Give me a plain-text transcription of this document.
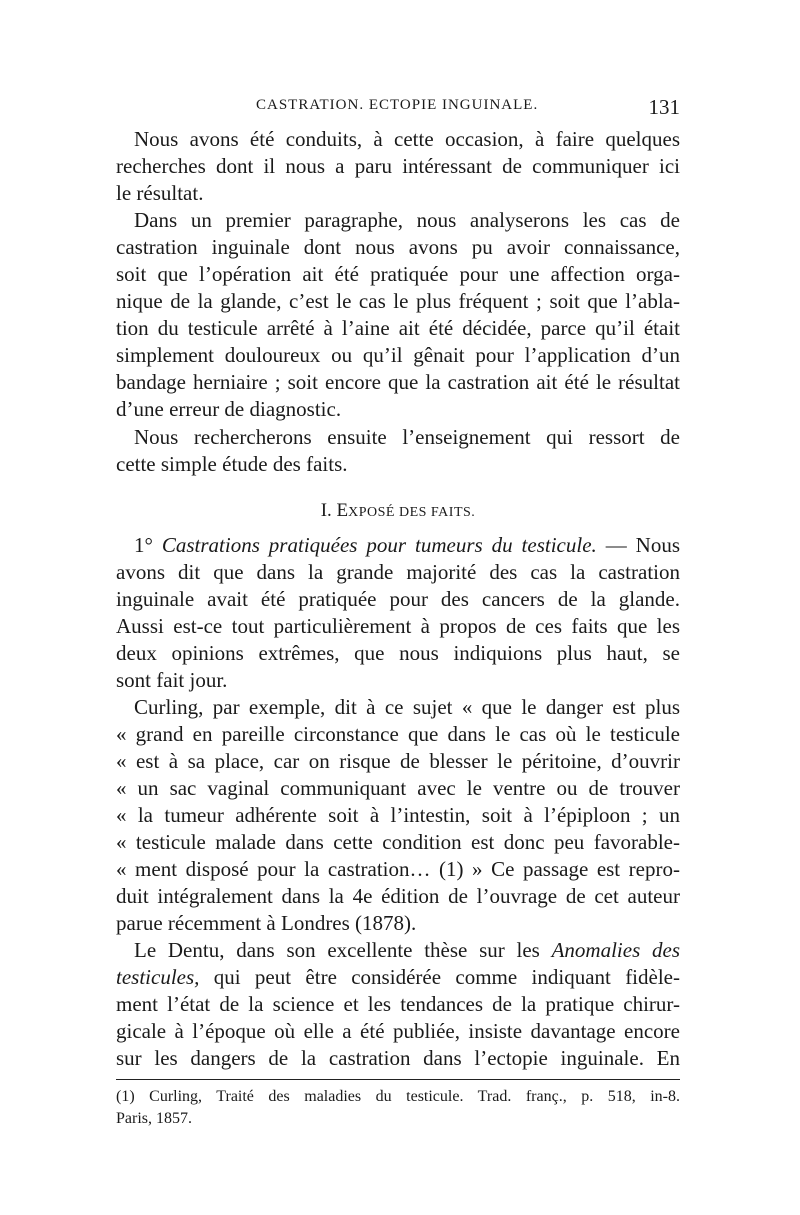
CASTRATION. ECTOPIE INGUINALE.	131
Nous avons été conduits, à cette occasion, à faire quelques
recherches dont il nous a paru intéressant de communiquer ici
le résultat.
Dans un premier paragraphe, nous analyserons les cas de
castration inguinale dont nous avons pu avoir connaissance,
soit que l’opération ait été pratiquée pour une affection orga-
nique de la glande, c’est le cas le plus fréquent ; soit que l’abla-
tion du testicule arrêté à l’aine ait été décidée, parce qu’il était
simplement douloureux ou qu’il gênait pour l’application d’un
bandage herniaire ; soit encore que la castration ait été le résultat
d’une erreur de diagnostic.
Nous rechercherons ensuite l’enseignement qui ressort de
cette simple étude des faits.
I. EXPOSÉ DES FAITS.
1° Castrations pratiquées pour tumeurs du testicule. — Nous
avons dit que dans la grande majorité des cas la castration
inguinale avait été pratiquée pour des cancers de la glande.
Aussi est-ce tout particulièrement à propos de ces faits que les
deux opinions extrêmes, que nous indiquions plus haut, se
sont fait jour.
Curling, par exemple, dit à ce sujet « que le danger est plus
« grand en pareille circonstance que dans le cas où le testicule
« est à sa place, car on risque de blesser le péritoine, d’ouvrir
« un sac vaginal communiquant avec le ventre ou de trouver
« la tumeur adhérente soit à l’intestin, soit à l’épiploon ; un
« testicule malade dans cette condition est donc peu favorable-
« ment disposé pour la castration… (1) » Ce passage est repro-
duit intégralement dans la 4e édition de l’ouvrage de cet auteur
parue récemment à Londres (1878).
Le Dentu, dans son excellente thèse sur les Anomalies des
testicules, qui peut être considérée comme indiquant fidèle-
ment l’état de la science et les tendances de la pratique chirur-
gicale à l’époque où elle a été publiée, insiste davantage encore
sur les dangers de la castration dans l’ectopie inguinale. En
(1) Curling, Traité des maladies du testicule. Trad. franç., p. 518, in-8.
Paris, 1857.
